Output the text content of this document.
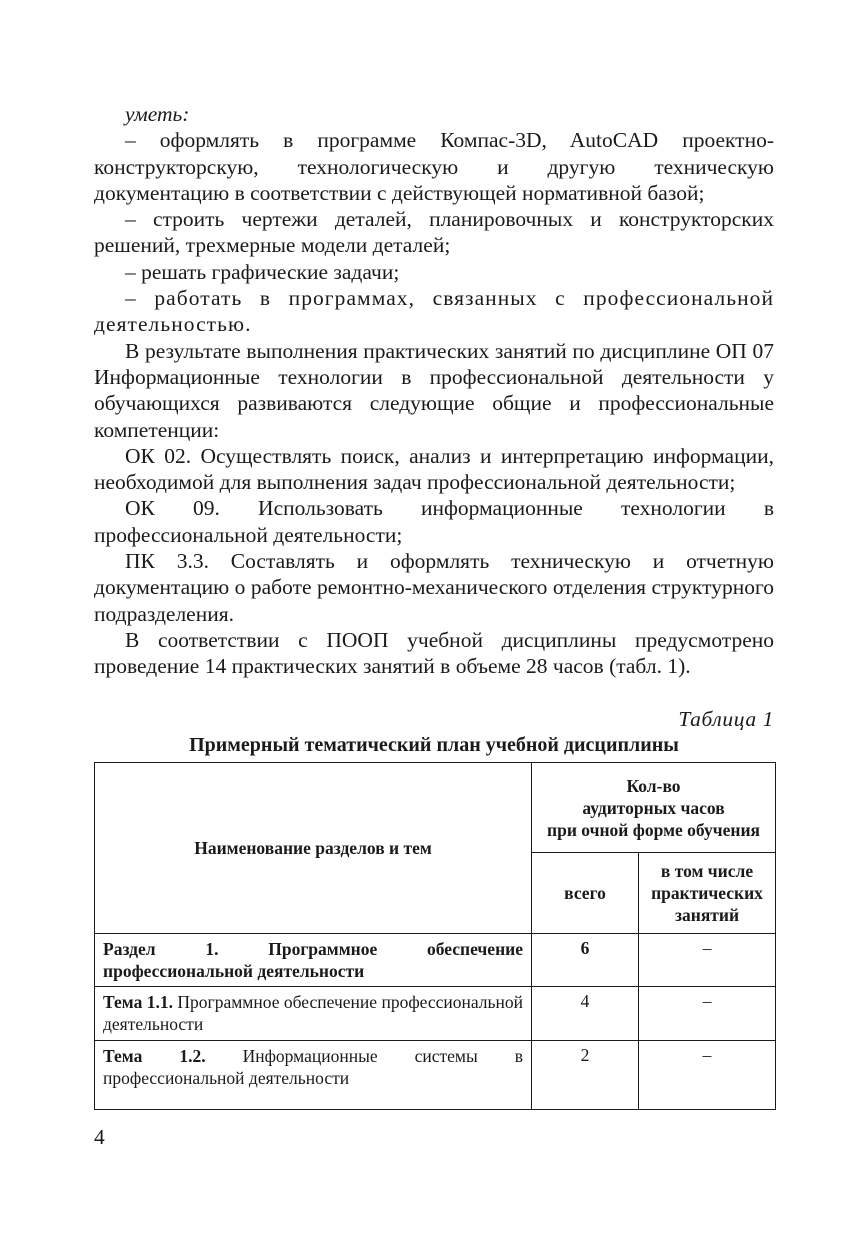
уметь:

– оформлять в программе Компас-3D, AutoCAD проектно-конструкторскую, технологическую и другую техническую документацию в соответствии с действующей нормативной базой;

– строить чертежи деталей, планировочных и конструкторских решений, трехмерные модели деталей;

– решать графические задачи;

– работать в программах, связанных с профессиональной деятельностью.

В результате выполнения практических занятий по дисциплине ОП 07 Информационные технологии в профессиональной деятельности у обучающихся развиваются следующие общие и профессиональные компетенции:

ОК 02. Осуществлять поиск, анализ и интерпретацию информации, необходимой для выполнения задач профессиональной деятельности;

ОК 09. Использовать информационные технологии в профессиональной деятельности;

ПК 3.3. Составлять и оформлять техническую и отчетную документацию о работе ремонтно-механического отделения структурного подразделения.

В соответствии с ПООП учебной дисциплины предусмотрено проведение 14 практических занятий в объеме 28 часов (табл. 1).

Таблица 1
Примерный тематический план учебной дисциплины
Наименование разделов и тем	Кол-во
аудиторных часов
при очной форме обучения	

	всего	в том числе
практических
занятий

Раздел 1. Программное обеспечение профессиональной деятельности	6	–
Тема 1.1. Программное обеспечение профессиональной деятельности	4	–
Тема 1.2. Информационные системы в профессиональной деятельности	2	–
4
